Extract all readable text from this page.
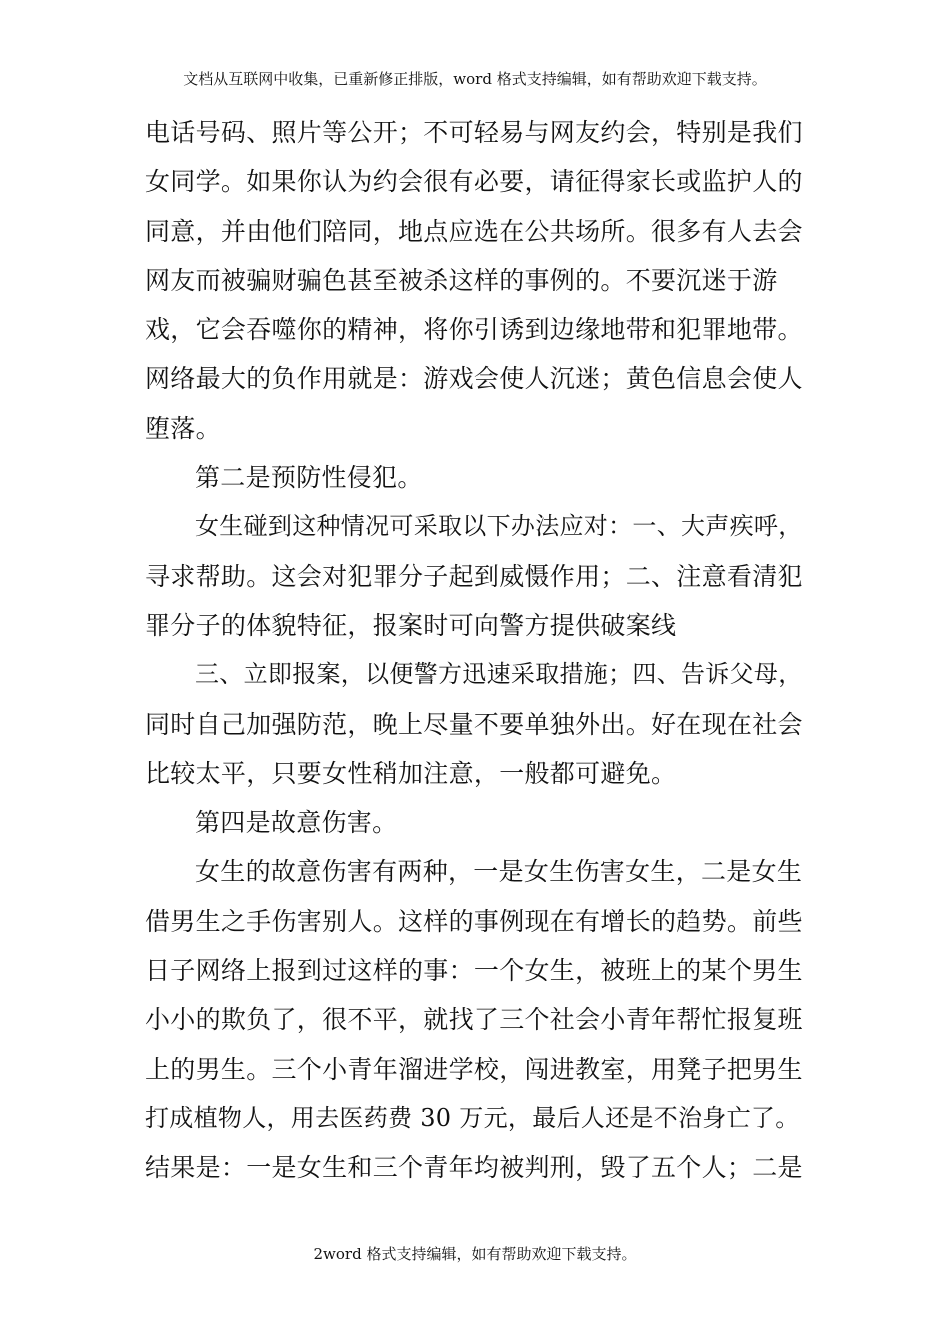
文档从互联网中收集，已重新修正排版，word 格式支持编辑，如有帮助欢迎下载支持。
电话号码、照片等公开；不可轻易与网友约会，特别是我们
女同学。如果你认为约会很有必要，请征得家长或监护人的
同意，并由他们陪同，地点应选在公共场所。很多有人去会
网友而被骗财骗色甚至被杀这样的事例的。不要沉迷于游
戏，它会吞噬你的精神，将你引诱到边缘地带和犯罪地带。
网络最大的负作用就是：游戏会使人沉迷；黄色信息会使人
堕落。
第二是预防性侵犯。
女生碰到这种情况可采取以下办法应对：一、大声疾呼，
寻求帮助。这会对犯罪分子起到威慑作用；二、注意看清犯
罪分子的体貌特征，报案时可向警方提供破案线
三、立即报案，以便警方迅速采取措施；四、告诉父母，
同时自己加强防范，晚上尽量不要单独外出。好在现在社会
比较太平，只要女性稍加注意，一般都可避免。
第四是故意伤害。
女生的故意伤害有两种，一是女生伤害女生，二是女生
借男生之手伤害别人。这样的事例现在有增长的趋势。前些
日子网络上报到过这样的事：一个女生，被班上的某个男生
小小的欺负了，很不平，就找了三个社会小青年帮忙报复班
上的男生。三个小青年溜进学校，闯进教室，用凳子把男生
打成植物人，用去医药费 30 万元，最后人还是不治身亡了。
结果是：一是女生和三个青年均被判刑，毁了五个人；二是
2word 格式支持编辑，如有帮助欢迎下载支持。
